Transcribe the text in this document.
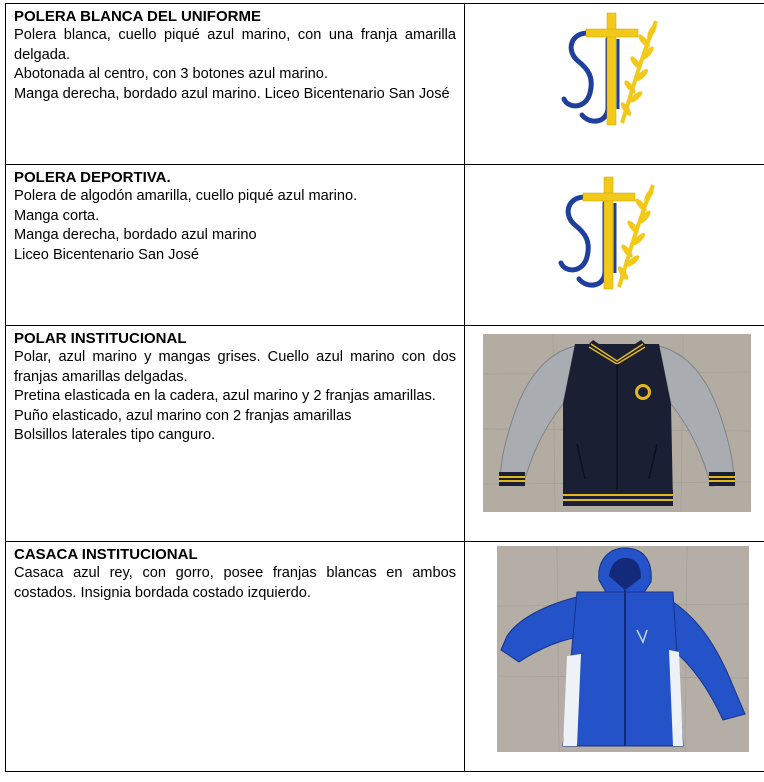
POLERA BLANCA DEL UNIFORME

Polera blanca, cuello piqué azul marino, con una franja amarilla delgada.

Abotonada al centro, con 3 botones azul marino.

Manga derecha, bordado azul marino. Liceo Bicentenario San José

POLERA DEPORTIVA.

Polera de algodón amarilla, cuello piqué azul marino.

Manga corta.

Manga derecha, bordado azul marino

Liceo Bicentenario San José

POLAR INSTITUCIONAL

Polar, azul marino y mangas grises. Cuello azul marino con dos franjas amarillas delgadas.

Pretina elasticada en la cadera, azul marino y 2 franjas amarillas.

Puño elasticado, azul marino con 2 franjas amarillas

Bolsillos laterales tipo canguro.

CASACA INSTITUCIONAL

Casaca azul rey, con gorro, posee franjas blancas en ambos costados. Insignia bordada costado izquierdo.
